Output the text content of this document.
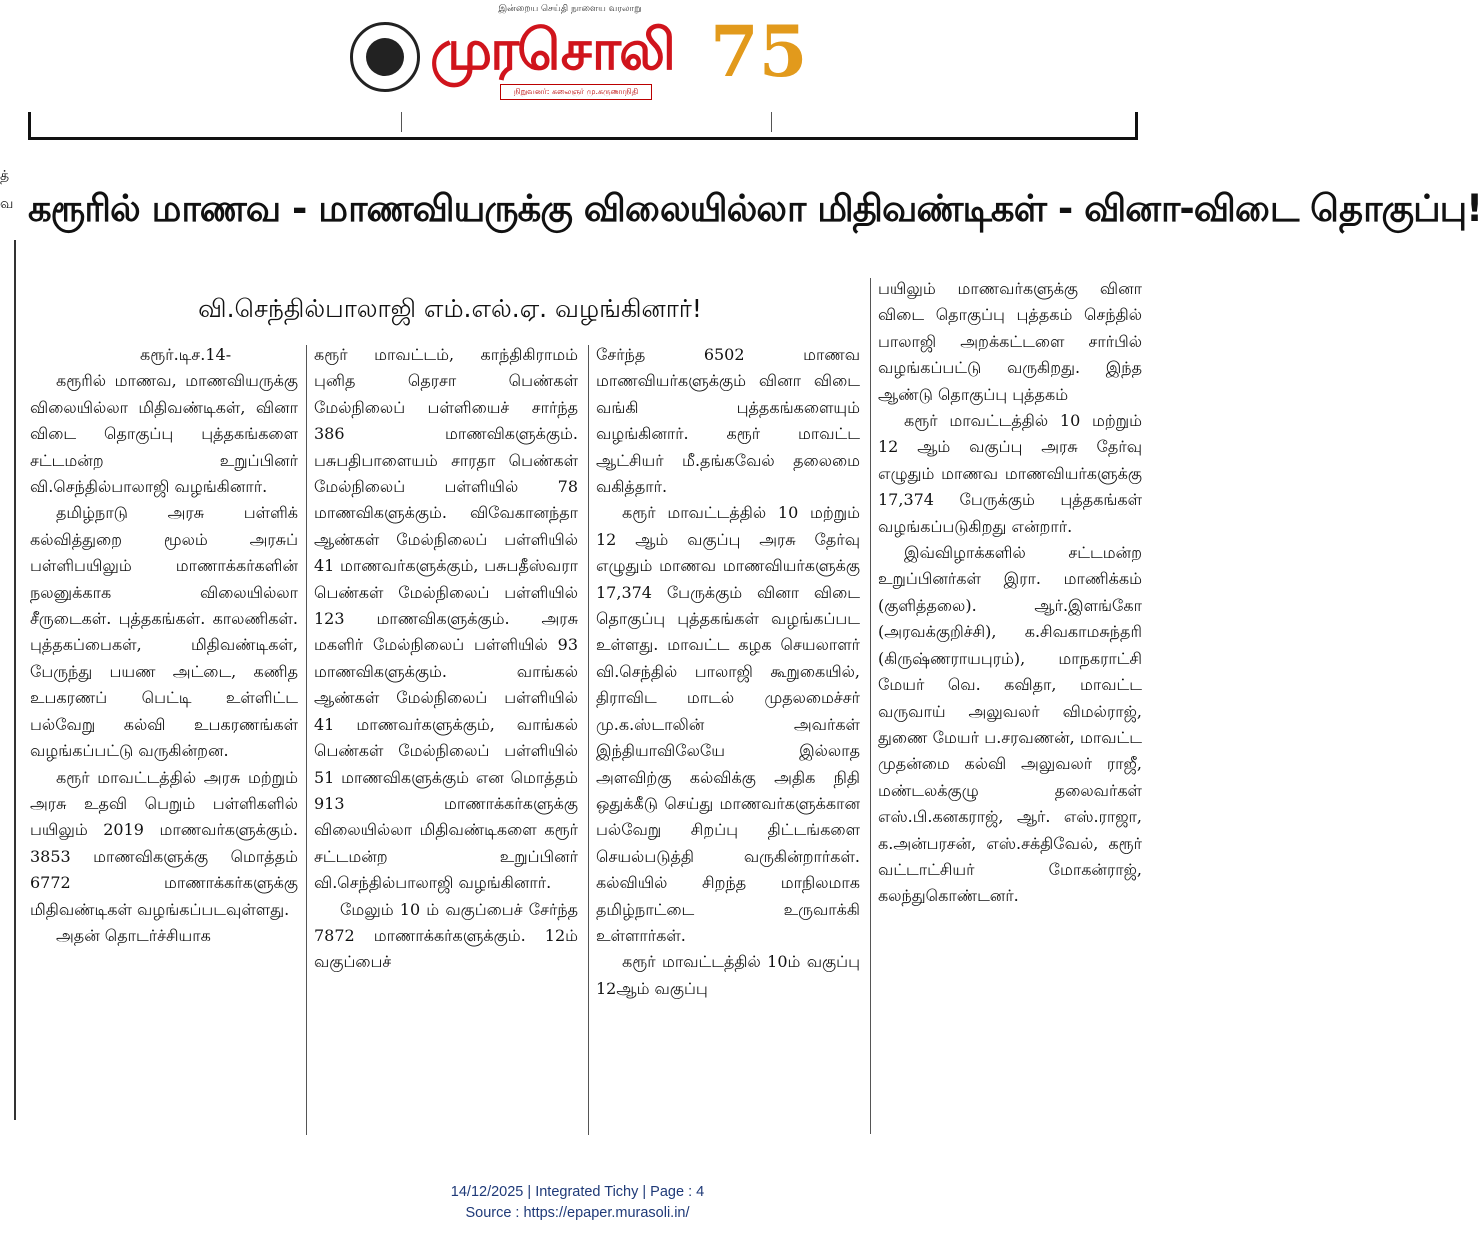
இன்றைய செய்தி நாளைய வரலாறு
முரசொலி
நிறுவனர்: கலைஞர் மு.கருணாநிதி 75
த்
வ கரூரில் மாணவ - மாணவியருக்கு விலையில்லா மிதிவண்டிகள் - வினா-விடை தொகுப்பு!
வி.செந்தில்பாலாஜி எம்.எல்.ஏ. வழங்கினார்!

கரூர்.டிச.14-

கரூரில் மாணவ, மாணவியருக்கு விலையில்லா மிதிவண்டிகள், வினா விடை தொகுப்பு புத்தகங்களை சட்டமன்ற உறுப்பினர் வி.செந்தில்பாலாஜி வழங்கினார்.

தமிழ்நாடு அரசு பள்ளிக் கல்வித்துறை மூலம் அரசுப் பள்ளிபயிலும் மாணாக்கர்களின் நலனுக்காக விலையில்லா சீருடைகள். புத்தகங்கள். காலணிகள். புத்தகப்பைகள், மிதிவண்டிகள், பேருந்து பயண அட்டை, கணித உபகரணப் பெட்டி உள்ளிட்ட பல்வேறு கல்வி உபகரணங்கள் வழங்கப்பட்டு வருகின்றன.

கரூர் மாவட்டத்தில் அரசு மற்றும் அரசு உதவி பெறும் பள்ளிகளில் பயிலும் 2019 மாணவர்களுக்கும். 3853 மாணவிகளுக்கு மொத்தம் 6772 மாணாக்கர்களுக்கு மிதிவண்டிகள் வழங்கப்படவுள்ளது.

அதன் தொடர்ச்சியாக

கரூர் மாவட்டம், காந்திகிராமம் புனித தெரசா பெண்கள் மேல்நிலைப் பள்ளியைச் சார்ந்த 386 மாணவிகளுக்கும். பசுபதிபாளையம் சாரதா பெண்கள் மேல்நிலைப் பள்ளியில் 78 மாணவிகளுக்கும். விவேகானந்தா ஆண்கள் மேல்நிலைப் பள்ளியில் 41 மாணவர்களுக்கும், பசுபதீஸ்வரா பெண்கள் மேல்நிலைப் பள்ளியில் 123 மாணவிகளுக்கும். அரசு மகளிர் மேல்நிலைப் பள்ளியில் 93 மாணவிகளுக்கும். வாங்கல் ஆண்கள் மேல்நிலைப் பள்ளியில் 41 மாணவர்களுக்கும், வாங்கல் பெண்கள் மேல்நிலைப் பள்ளியில் 51 மாணவிகளுக்கும் என மொத்தம் 913 மாணாக்கர்களுக்கு விலையில்லா மிதிவண்டிகளை கரூர் சட்டமன்ற உறுப்பினர் வி.செந்தில்பாலாஜி வழங்கினார்.

மேலும் 10 ம் வகுப்பைச் சேர்ந்த 7872 மாணாக்கர்களுக்கும். 12ம் வகுப்பைச்

சேர்ந்த 6502 மாணவ மாணவியர்களுக்கும் வினா விடை வங்கி புத்தகங்களையும் வழங்கினார். கரூர் மாவட்ட ஆட்சியர் மீ.தங்கவேல் தலைமை வகித்தார்.

கரூர் மாவட்டத்தில் 10 மற்றும் 12 ஆம் வகுப்பு அரசு தேர்வு எழுதும் மாணவ மாணவியர்களுக்கு 17,374 பேருக்கும் வினா விடை தொகுப்பு புத்தகங்கள் வழங்கப்பட உள்ளது. மாவட்ட கழக செயலாளர் வி.செந்தில் பாலாஜி கூறுகையில், திராவிட மாடல் முதலமைச்சர் மு.க.ஸ்டாலின் அவர்கள் இந்தியாவிலேயே இல்லாத அளவிற்கு கல்விக்கு அதிக நிதி ஒதுக்கீடு செய்து மாணவர்களுக்கான பல்வேறு சிறப்பு திட்டங்களை செயல்படுத்தி வருகின்றார்கள். கல்வியில் சிறந்த மாநிலமாக தமிழ்நாட்டை உருவாக்கி உள்ளார்கள்.

கரூர் மாவட்டத்தில் 10ம் வகுப்பு 12ஆம் வகுப்பு

பயிலும் மாணவர்களுக்கு வினா விடை தொகுப்பு புத்தகம் செந்தில் பாலாஜி அறக்கட்டளை சார்பில் வழங்கப்பட்டு வருகிறது. இந்த ஆண்டு தொகுப்பு புத்தகம்

கரூர் மாவட்டத்தில் 10 மற்றும் 12 ஆம் வகுப்பு அரசு தேர்வு எழுதும் மாணவ மாணவியர்களுக்கு 17,374 பேருக்கும் புத்தகங்கள் வழங்கப்படுகிறது என்றார்.

இவ்விழாக்களில் சட்டமன்ற உறுப்பினர்கள் இரா. மாணிக்கம் (குளித்தலை). ஆர்.இளங்கோ (அரவக்குறிச்சி), க.சிவகாமசுந்தரி (கிருஷ்ணராயபுரம்), மாநகராட்சி மேயர் வெ. கவிதா, மாவட்ட வருவாய் அலுவலர் விமல்ராஜ், துணை மேயர் ப.சரவணன், மாவட்ட முதன்மை கல்வி அலுவலர் ராஜீ, மண்டலக்குழு தலைவர்கள் எஸ்.பி.கனகராஜ், ஆர். எஸ்.ராஜா, க.அன்பரசன், எஸ்.சக்திவேல், கரூர் வட்டாட்சியர் மோகன்ராஜ், கலந்துகொண்டனர்.

14/12/2025 | Integrated Tichy | Page : 4
Source : https://epaper.murasoli.in/
